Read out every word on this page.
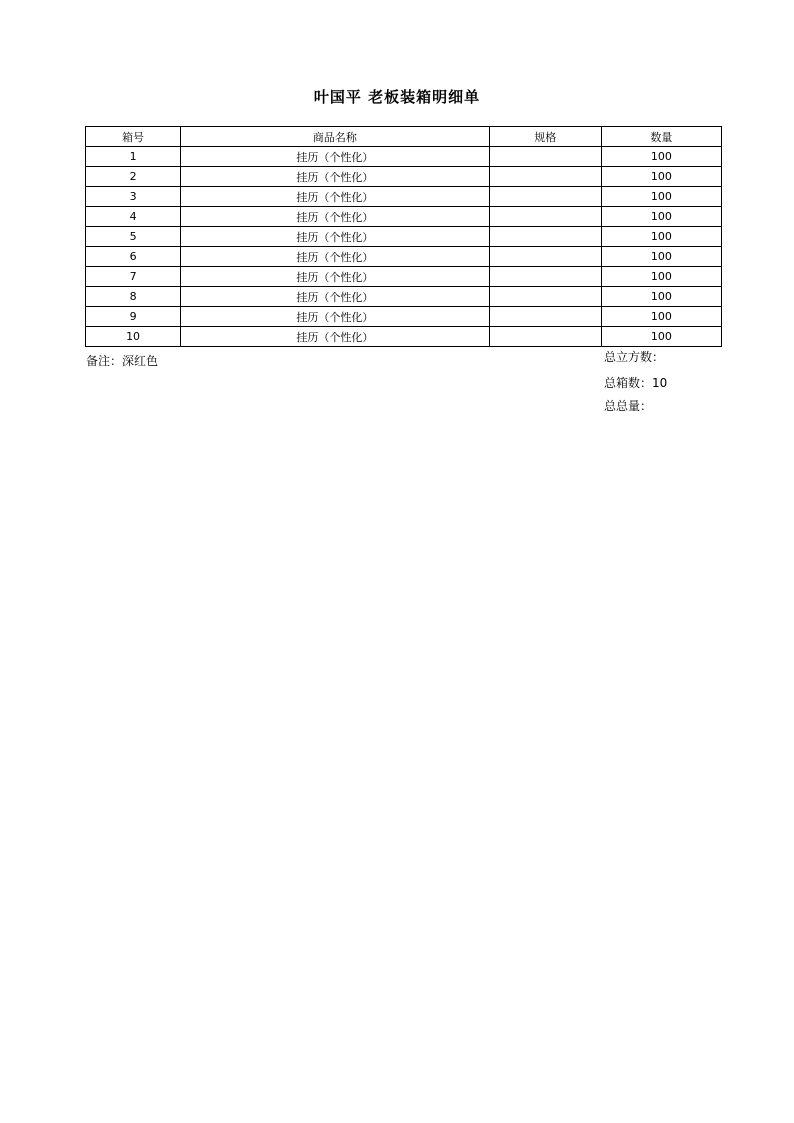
叶国平 老板装箱明细单
箱号	商品名称	规格	数量
1	挂历（个性化）		100
2	挂历（个性化）		100
3	挂历（个性化）		100
4	挂历（个性化）		100
5	挂历（个性化）		100
6	挂历（个性化）		100
7	挂历（个性化）		100
8	挂历（个性化）		100
9	挂历（个性化）		100
10	挂历（个性化）		100
备注：深红色	总立方数：
总箱数：10
总总量：
